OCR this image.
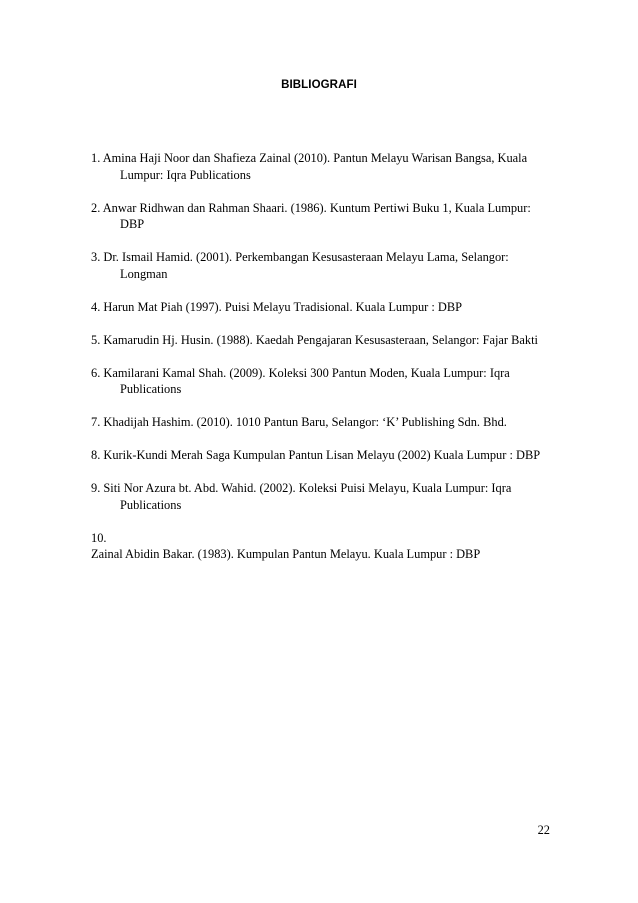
BIBLIOGRAFI
1. Amina Haji Noor dan Shafieza Zainal (2010). Pantun Melayu Warisan Bangsa, Kuala Lumpur: Iqra Publications
2. Anwar Ridhwan dan Rahman Shaari. (1986). Kuntum Pertiwi Buku 1, Kuala Lumpur: DBP
3. Dr. Ismail Hamid. (2001). Perkembangan Kesusasteraan Melayu Lama, Selangor: Longman
4. Harun Mat Piah (1997). Puisi Melayu Tradisional. Kuala Lumpur : DBP
5. Kamarudin Hj. Husin. (1988). Kaedah Pengajaran Kesusasteraan, Selangor: Fajar Bakti
6. Kamilarani Kamal Shah. (2009). Koleksi 300 Pantun Moden, Kuala Lumpur: Iqra Publications
7. Khadijah Hashim. (2010). 1010 Pantun Baru, Selangor: ‘K’ Publishing Sdn. Bhd.
8. Kurik-Kundi Merah Saga Kumpulan Pantun Lisan Melayu (2002) Kuala Lumpur : DBP
9. Siti Nor Azura bt. Abd. Wahid. (2002). Koleksi Puisi Melayu, Kuala Lumpur: Iqra Publications
10.
Zainal Abidin Bakar. (1983). Kumpulan Pantun Melayu. Kuala Lumpur : DBP
22
